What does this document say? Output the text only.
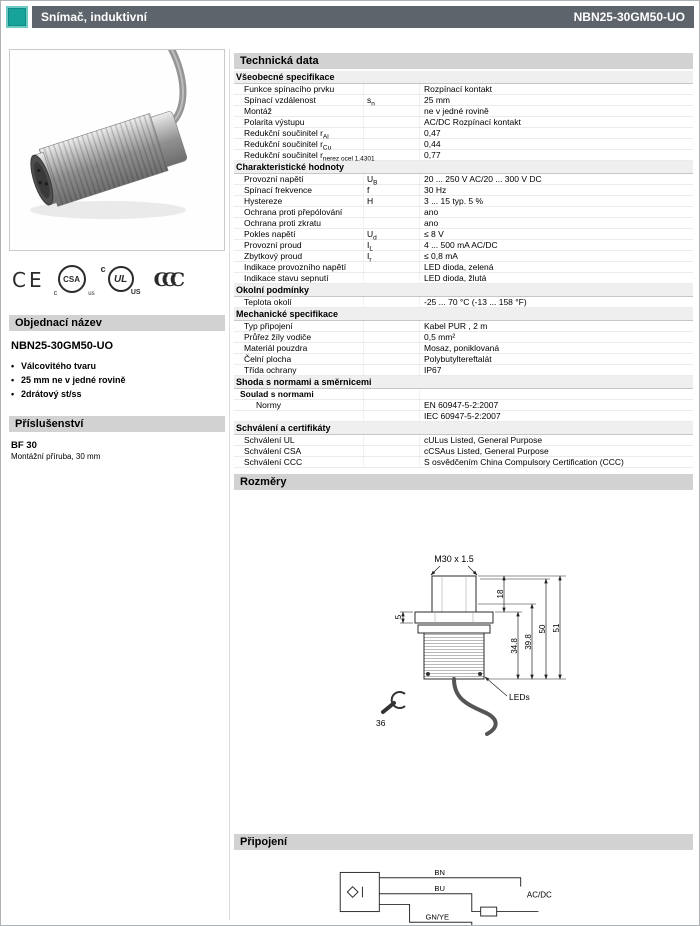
Snímač, induktivní	NBN25-30GM50-UO
CE	CSA
c	us
c
UL
US
CCC
Objednací název
NBN25-30GM50-UO
• Válcovitého tvaru
• 25 mm ne v jedné rovině
• 2drátový st/ss
Příslušenství
BF 30
Montážní příruba, 30 mm
Technická data
Všeobecné specifikace
Funkce spínacího prvku	Rozpínací kontakt
Spínací vzdálenost	$s_n$	25 mm
Montáž	ne v jedné rovině
Polarita výstupu	AC/DC Rozpínací kontakt
Redukční součinitel $r_{Al}$	0,47
Redukční součinitel $r_{Cu}$	0,44
Redukční součinitel $r_{nerez ocel 1.4301}$	0,77
Charakteristické hodnoty
Provozní napětí	$U_B$	20 ... 250 V AC/20 ... 300 V DC
Spínací frekvence	f	30 Hz
Hystereze	H	3 ... 15 typ. 5 %
Ochrana proti přepólování	ano
Ochrana proti zkratu	ano
Pokles napětí	$U_d$	≤ 8 V
Provozní proud	$I_L$	4 ... 500 mA AC/DC
Zbytkový proud	$I_r$	≤ 0,8 mA
Indikace provozního napětí	LED dioda, zelená
Indikace stavu sepnutí	LED dioda, žlutá
Okolní podmínky
Teplota okolí	-25 ... 70 °C (-13 ... 158 °F)
Mechanické specifikace
Typ připojení	Kabel PUR , 2 m
Průřez žíly vodiče	0,5 mm²
Materiál pouzdra	Mosaz, poniklovaná
Čelní plocha	Polybutyltereftalát
Třída ochrany	IP67
Shoda s normami a směrnicemi
Soulad s normami
Normy	EN 60947-5-2:2007
IEC 60947-5-2:2007
Schválení a certifikáty
Schválení UL	cULus Listed, General Purpose
Schválení CSA	cCSAus Listed, General Purpose
Schválení CCC	S osvědčením China Compulsory Certification (CCC)
Rozměry
M30 x 1.5
18
34.8 39.8
50 51
5
36
LEDs
Připojení
BN
BU
GN/YE
AC/DC
